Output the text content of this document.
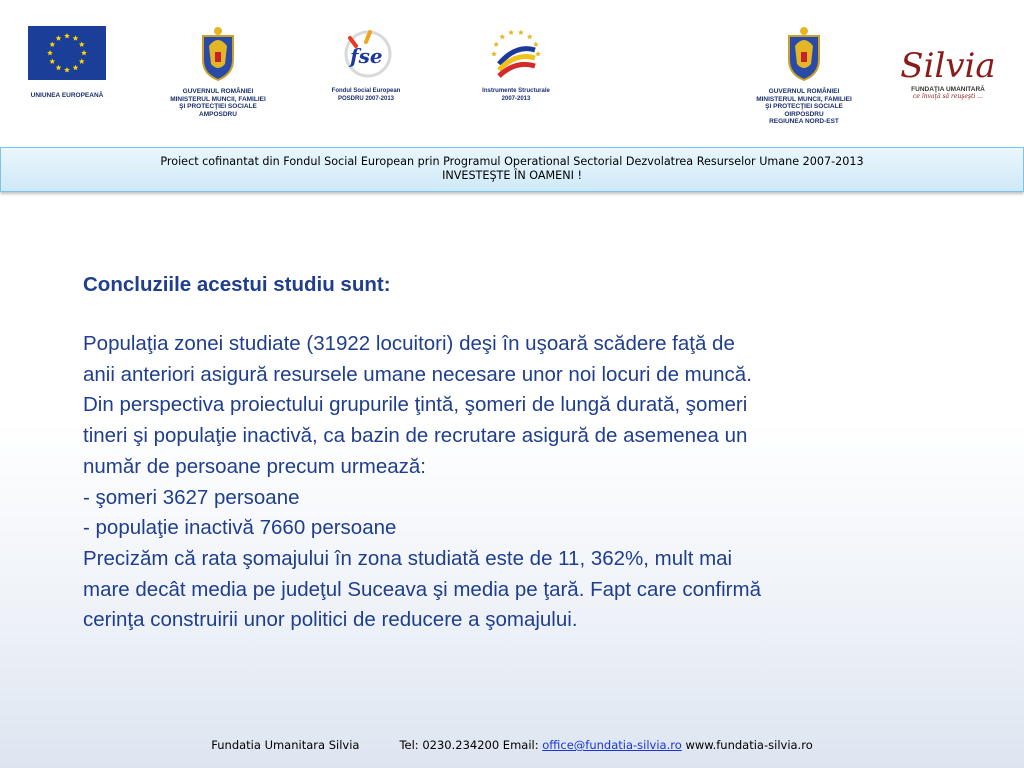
UNIUNEA EUROPEANĂ
GUVERNUL ROMÂNIEI
MINISTERUL MUNCII, FAMILIEI
ŞI PROTECŢIEI SOCIALE
AMPOSDRU
fse
Fondul Social European
POSDRU 2007-2013
Instrumente Structurale
2007-2013
GUVERNUL ROMÂNIEI
MINISTERUL MUNCII, FAMILIEI
ŞI PROTECŢIEI SOCIALE
OIRPOSDRU
REGIUNEA NORD-EST
Silvia
FUNDAŢIA UMANITARĂ
ce învaţă să reuşeşti ...
Proiect cofinantat din Fondul Social European prin Programul Operational Sectorial Dezvolatrea Resurselor Umane 2007-2013
INVESTEŞTE ÎN OAMENI !

Concluziile acestui studiu sunt:

Populaţia zonei studiate (31922 locuitori) deşi în uşoară scădere faţă de

anii anteriori asigură resursele umane necesare unor noi locuri de muncă.

Din perspectiva proiectului grupurile ţintă, şomeri de lungă durată, şomeri

tineri şi populaţie inactivă, ca bazin de recrutare asigură de asemenea un

număr de persoane precum urmează:

- şomeri 3627 persoane

- populaţie inactivă 7660 persoane

Precizăm că rata şomajului în zona studiată este de 11, 362%, mult mai

mare decât media pe judeţul Suceava şi media pe ţară. Fapt care confirmă

cerinţa construirii unor politici de reducere a şomajului.

Fundatia Umanitara Silvia	Tel: 0230.234200 Email: office@fundatia-silvia.ro www.fundatia-silvia.ro
